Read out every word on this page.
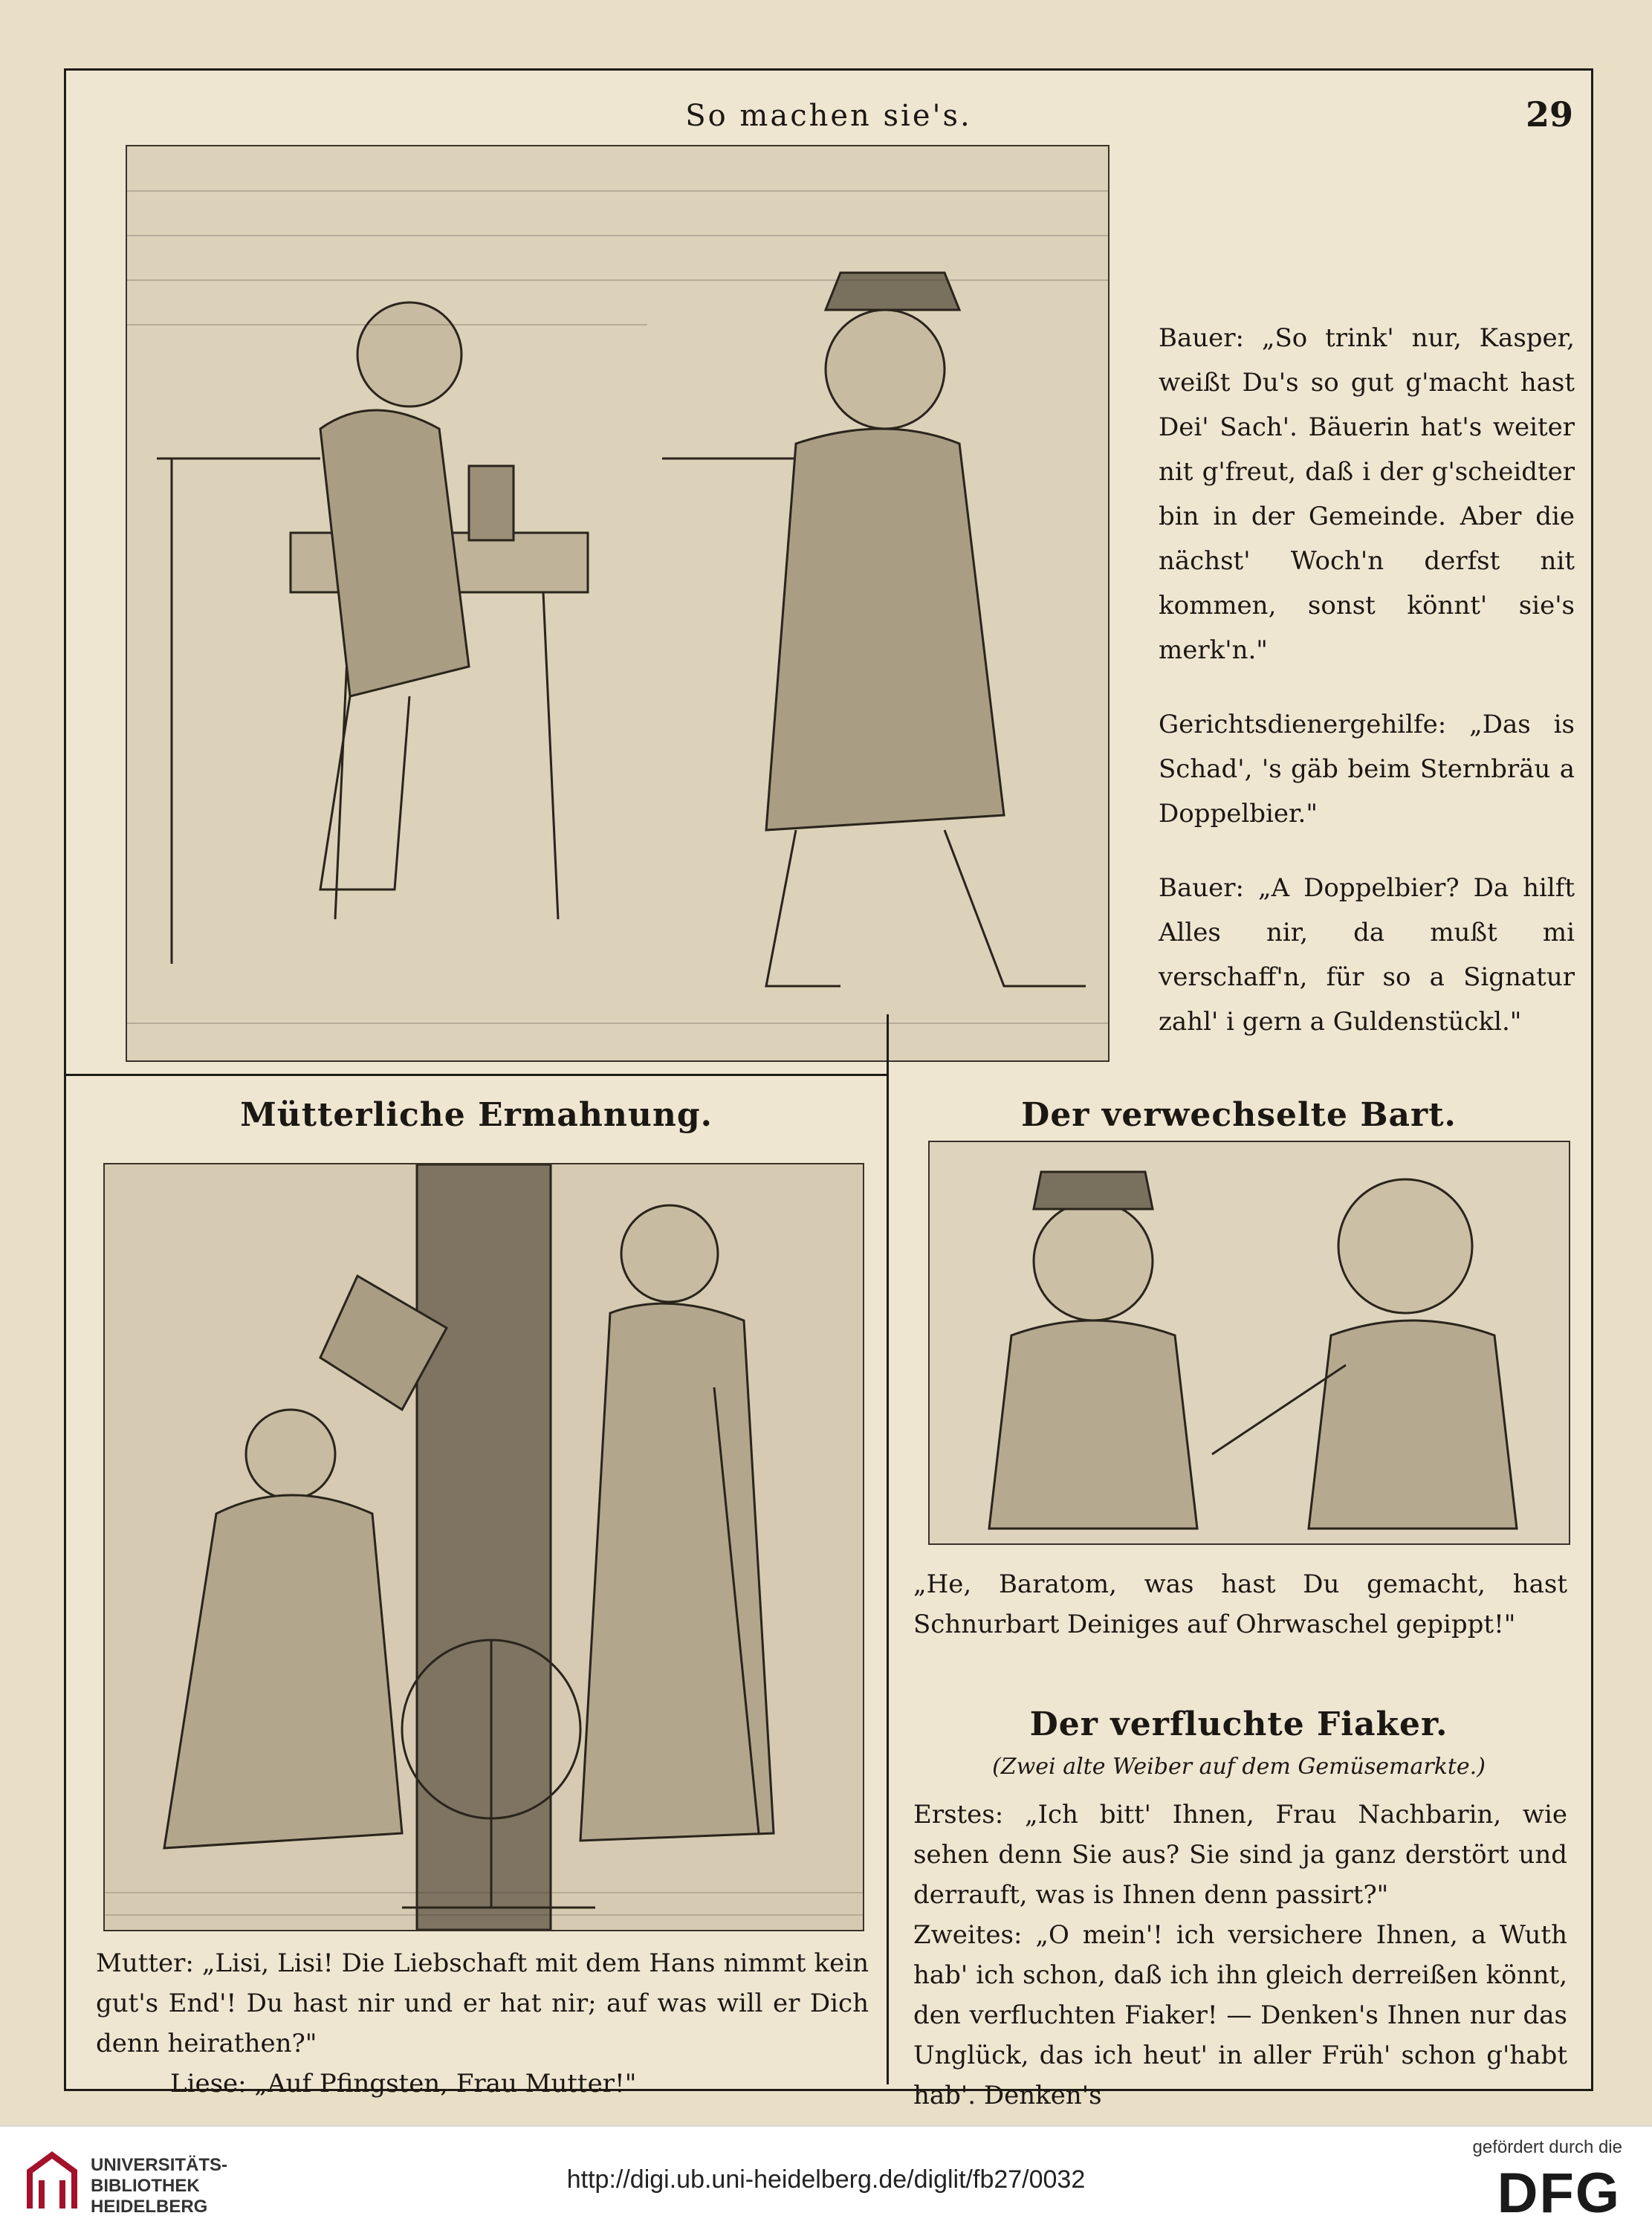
So machen sie's.	29

Bauer: „So trink' nur, Kasper, weißt Du's so gut g'macht hast Dei' Sach'. Bäuerin hat's weiter nit g'freut, daß i der g'scheidter bin in der Gemeinde. Aber die nächst' Woch'n derfst nit kommen, sonst könnt' sie's merk'n."

Gerichtsdienergehilfe: „Das is Schad', 's gäb beim Sternbräu a Doppelbier."

Bauer: „A Doppelbier? Da hilft Alles nir, da mußt mi verschaff'n, für so a Signatur zahl' i gern a Guldenstückl."

Mütterliche Ermahnung.

Mutter: „Lisi, Lisi! Die Liebschaft mit dem Hans nimmt kein gut's End'! Du hast nir und er hat nir; auf was will er Dich denn heirathen?"

Liese: „Auf Pfingsten, Frau Mutter!"

Der verwechselte Bart.
„He, Baratom, was hast Du gemacht, hast Schnurbart Deiniges auf Ohrwaschel gepippt!"
Der verfluchte Fiaker.
(Zwei alte Weiber auf dem Gemüsemarkte.)

Erstes: „Ich bitt' Ihnen, Frau Nachbarin, wie sehen denn Sie aus? Sie sind ja ganz derstört und derrauft, was is Ihnen denn passirt?"

Zweites: „O mein'! ich versichere Ihnen, a Wuth hab' ich schon, daß ich ihn gleich derreißen könnt, den verfluchten Fiaker! — Denken's Ihnen nur das Unglück, das ich heut' in aller Früh' schon g'habt hab'. Denken's

UNIVERSITÄTS-
BIBLIOTHEK
HEIDELBERG
http://digi.ub.uni-heidelberg.de/diglit/fb27/0032
gefördert durch die
DFG
